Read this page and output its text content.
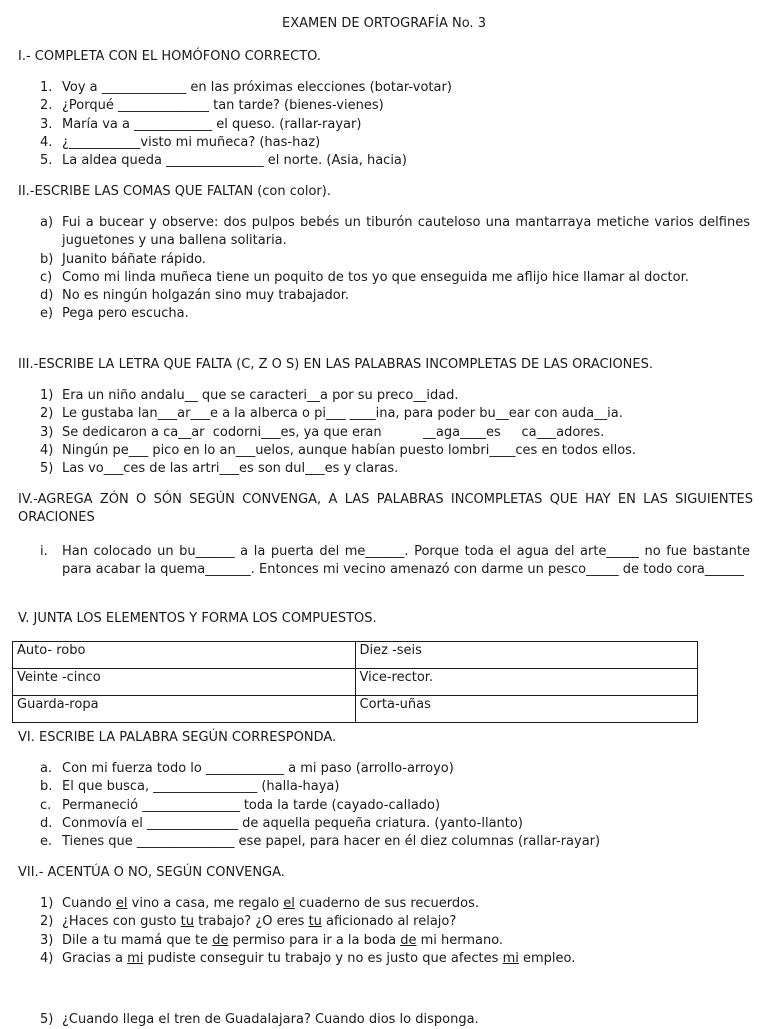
EXAMEN DE ORTOGRAFÍA No. 3
I.- COMPLETA CON EL HOMÓFONO CORRECTO.
1. Voy a _____________ en las próximas elecciones (botar-votar)
2. ¿Porqué ______________ tan tarde? (bienes-vienes)
3. María va a ____________ el queso. (rallar-rayar)
4. ¿___________visto mi muñeca? (has-haz)
5. La aldea queda _______________ el norte. (Asia, hacia)
II.-ESCRIBE LAS COMAS QUE FALTAN (con color).
a) Fui a bucear y observe: dos pulpos bebés un tiburón cauteloso una mantarraya metiche varios delfines juguetones y una ballena solitaria.
b) Juanito báñate rápido.
c) Como mi linda muñeca tiene un poquito de tos yo que enseguida me aflijo hice llamar al doctor.
d) No es ningún holgazán sino muy trabajador.
e) Pega pero escucha.
III.-ESCRIBE LA LETRA QUE FALTA (C, Z O S) EN LAS PALABRAS INCOMPLETAS DE LAS ORACIONES.
1) Era un niño andalu__ que se caracteri__a por su preco__idad.
2) Le gustaba lan___ar___e a la alberca o pi___ ____ina, para poder bu__ear con auda__ia.
3) Se dedicaron a ca__ar  codorni___es, ya que eran          __aga____es     ca___adores.
4) Ningún pe___ pico en lo an___uelos, aunque habían puesto lombri____ces en todos ellos.
5) Las vo___ces de las artri___es son dul___es y claras.
IV.-AGREGA ZÓN O SÓN SEGÚN CONVENGA, A LAS PALABRAS INCOMPLETAS QUE HAY EN LAS SIGUIENTES ORACIONES
i. Han colocado un bu______ a la puerta del me______. Porque toda el agua del arte_____ no fue bastante para acabar la quema_______. Entonces mi vecino amenazó con darme un pesco_____ de todo cora______
V. JUNTA LOS ELEMENTOS Y FORMA LOS COMPUESTOS.
Auto- robo	Diez -seis
Veinte -cinco	Vice-rector.
Guarda-ropa	Corta-uñas
VI. ESCRIBE LA PALABRA SEGÚN CORRESPONDA.
a. Con mi fuerza todo lo ____________ a mi paso (arrollo-arroyo)
b. El que busca, ________________ (halla-haya)
c. Permaneció _______________ toda la tarde (cayado-callado)
d. Conmovía el ______________ de aquella pequeña criatura. (yanto-llanto)
e. Tienes que _______________ ese papel, para hacer en él diez columnas (rallar-rayar)
VII.- ACENTÚA O NO, SEGÚN CONVENGA.
1) Cuando el vino a casa, me regalo el cuaderno de sus recuerdos.
2) ¿Haces con gusto tu trabajo? ¿O eres tu aficionado al relajo?
3) Dile a tu mamá que te de permiso para ir a la boda de mi hermano.
4) Gracias a mi pudiste conseguir tu trabajo y no es justo que afectes mi empleo.
5) ¿Cuando llega el tren de Guadalajara? Cuando dios lo disponga.
